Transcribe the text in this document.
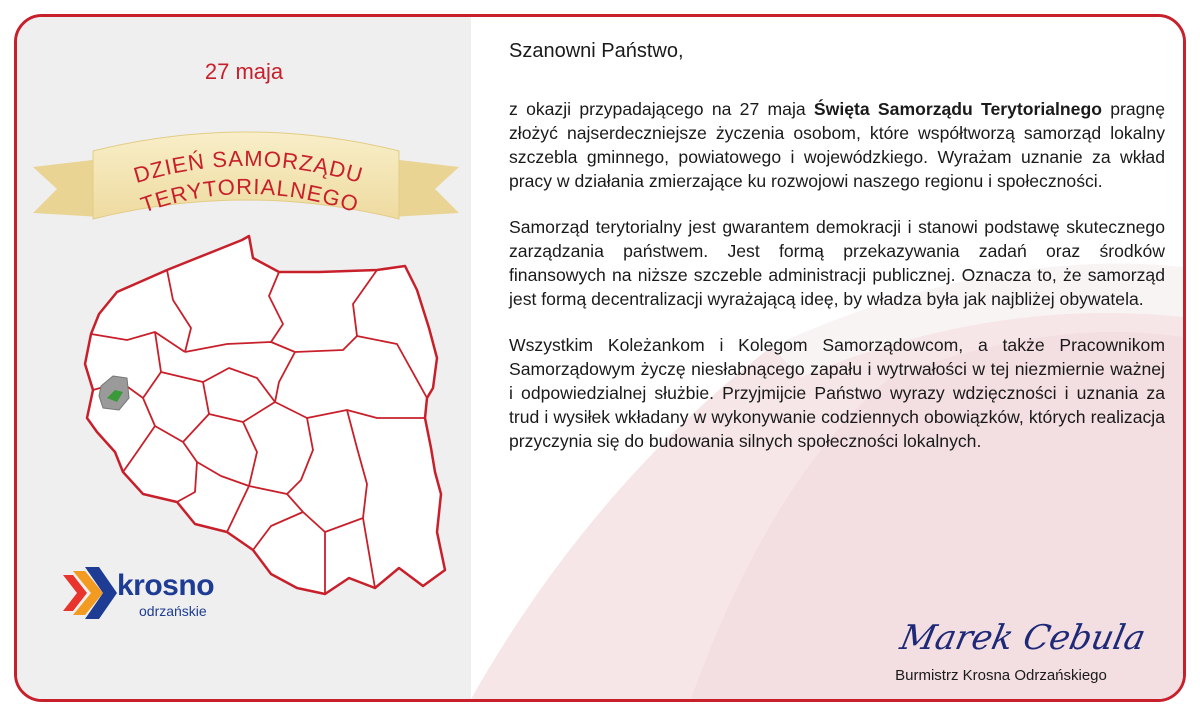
27 maja
DZIEŃ SAMORZĄDU
TERYTORIALNEGO
krosno
odrzańskie

Szanowni Państwo,

z okazji przypadającego na 27 maja Święta Samorządu Terytorialnego pragnę złożyć najserdeczniejsze życzenia osobom, które współtworzą samorząd lokalny szczebla gminnego, powiatowego i wojewódzkiego. Wyrażam uznanie za wkład pracy w działania zmierzające ku rozwojowi naszego regionu i społeczności.

Samorząd terytorialny jest gwarantem demokracji i stanowi podstawę skutecznego zarządzania państwem. Jest formą przekazywania zadań oraz środków finansowych na niższe szczeble administracji publicznej. Oznacza to, że samorząd jest formą decentralizacji wyrażającą ideę, by władza była jak najbliżej obywatela.

Wszystkim Koleżankom i Kolegom Samorządowcom, a także Pracownikom Samorządowym życzę niesłabnącego zapału i wytrwałości w tej niezmiernie ważnej i odpowiedzialnej służbie. Przyjmijcie Państwo wyrazy wdzięczności i uznania za trud i wysiłek wkładany w wykonywanie codziennych obowiązków, których realizacja przyczynia się do budowania silnych społeczności lokalnych.

Marek Cebula
Burmistrz Krosna Odrzańskiego
